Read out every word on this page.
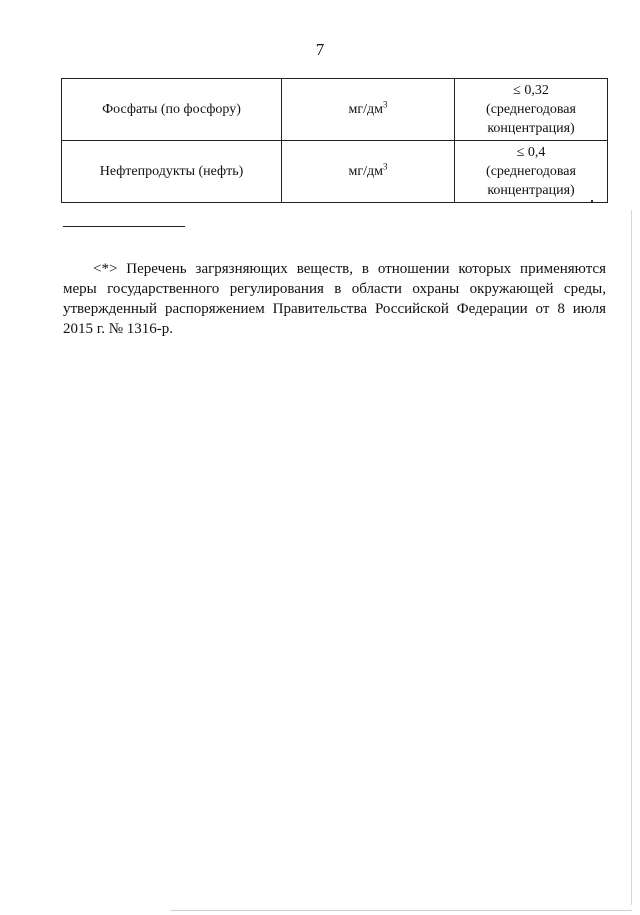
7
Фосфаты (по фосфору)	$мг/дм^3$	≤ 0,32
(среднегодовая
концентрация)

Нефтепродукты (нефть)	$мг/дм^3$	≤ 0,4
(среднегодовая
концентрация)

<*> Перечень загрязняющих веществ, в отношении которых применяются меры государственного регулирования в области охраны окружающей среды, утвержденный распоряжением Правительства Российской Федерации от 8 июля 2015 г. № 1316-р.
